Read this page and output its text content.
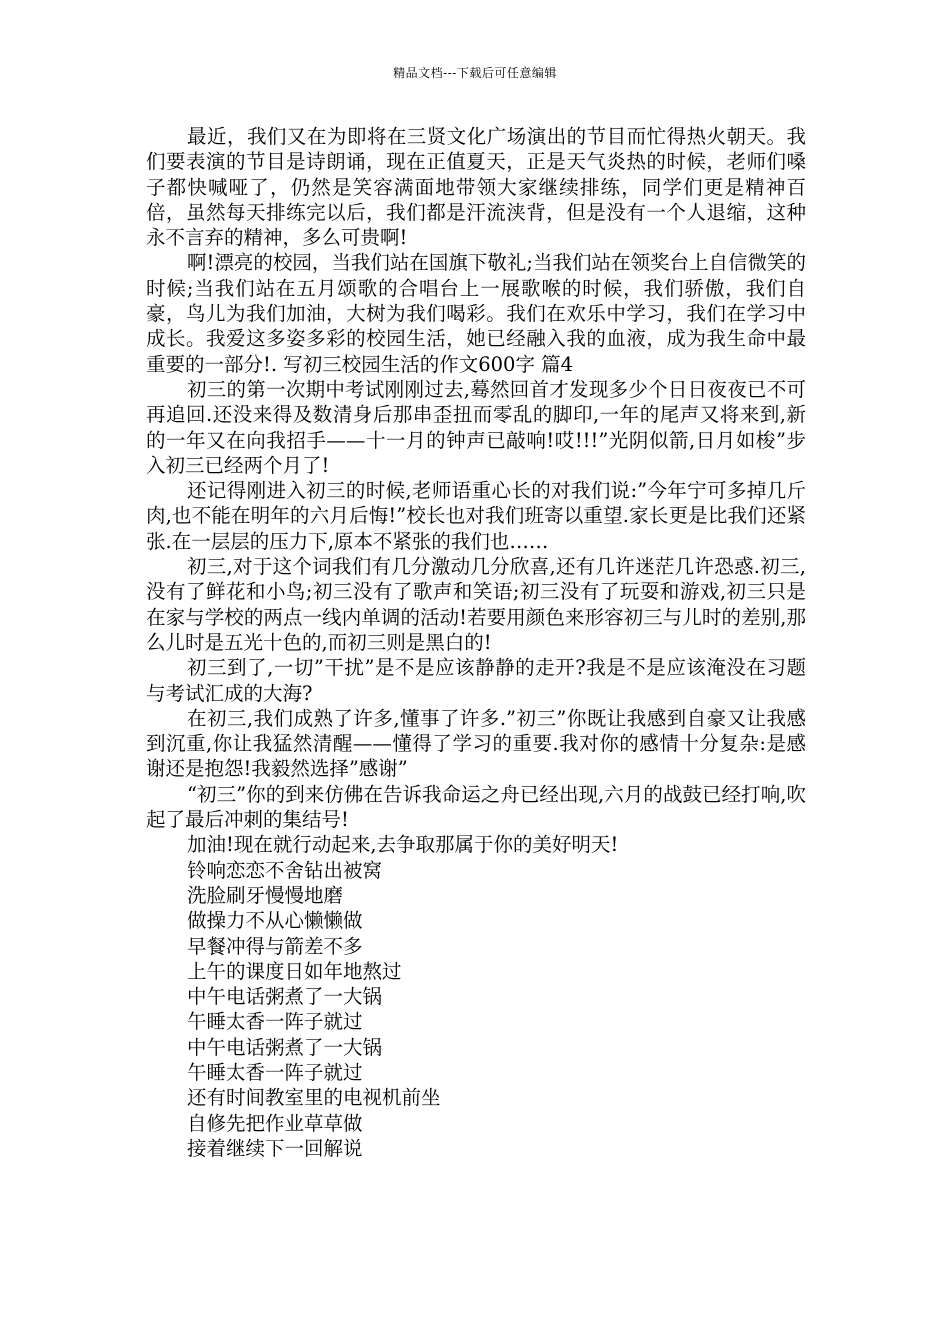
精品文档---下载后可任意编辑

最近，我们又在为即将在三贤文化广场演出的节目而忙得热火朝天。我们要表演的节目是诗朗诵，现在正值夏天，正是天气炎热的时候，老师们嗓子都快喊哑了，仍然是笑容满面地带领大家继续排练，同学们更是精神百倍，虽然每天排练完以后，我们都是汗流浃背，但是没有一个人退缩，这种永不言弃的精神，多么可贵啊!

啊!漂亮的校园，当我们站在国旗下敬礼;当我们站在领奖台上自信微笑的时候;当我们站在五月颂歌的合唱台上一展歌喉的时候，我们骄傲，我们自豪，鸟儿为我们加油，大树为我们喝彩。我们在欢乐中学习，我们在学习中成长。我爱这多姿多彩的校园生活，她已经融入我的血液，成为我生命中最重要的一部分!. 写初三校园生活的作文600字 篇4

初三的第一次期中考试刚刚过去,蓦然回首才发现多少个日日夜夜已不可再追回.还没来得及数清身后那串歪扭而零乱的脚印,一年的尾声又将来到,新的一年又在向我招手——十一月的钟声已敲响!哎!!!”光阴似箭,日月如梭”步入初三已经两个月了!

还记得刚进入初三的时候,老师语重心长的对我们说:”今年宁可多掉几斤肉,也不能在明年的六月后悔!”校长也对我们班寄以重望.家长更是比我们还紧张.在一层层的压力下,原本不紧张的我们也……

初三,对于这个词我们有几分激动几分欣喜,还有几许迷茫几许恐惑.初三,没有了鲜花和小鸟;初三没有了歌声和笑语;初三没有了玩耍和游戏,初三只是在家与学校的两点一线内单调的活动!若要用颜色来形容初三与儿时的差别,那么儿时是五光十色的,而初三则是黑白的!

初三到了,一切”干扰”是不是应该静静的走开?我是不是应该淹没在习题与考试汇成的大海?

在初三,我们成熟了许多,懂事了许多.”初三”你既让我感到自豪又让我感到沉重,你让我猛然清醒——懂得了学习的重要.我对你的感情十分复杂:是感谢还是抱怨!我毅然选择”感谢”

“初三”你的到来仿佛在告诉我命运之舟已经出现,六月的战鼓已经打响,吹起了最后冲刺的集结号!

加油!现在就行动起来,去争取那属于你的美好明天!

铃响恋恋不舍钻出被窝

洗脸刷牙慢慢地磨

做操力不从心懒懒做

早餐冲得与箭差不多

上午的课度日如年地熬过

中午电话粥煮了一大锅

午睡太香一阵子就过

中午电话粥煮了一大锅

午睡太香一阵子就过

还有时间教室里的电视机前坐

自修先把作业草草做

接着继续下一回解说
